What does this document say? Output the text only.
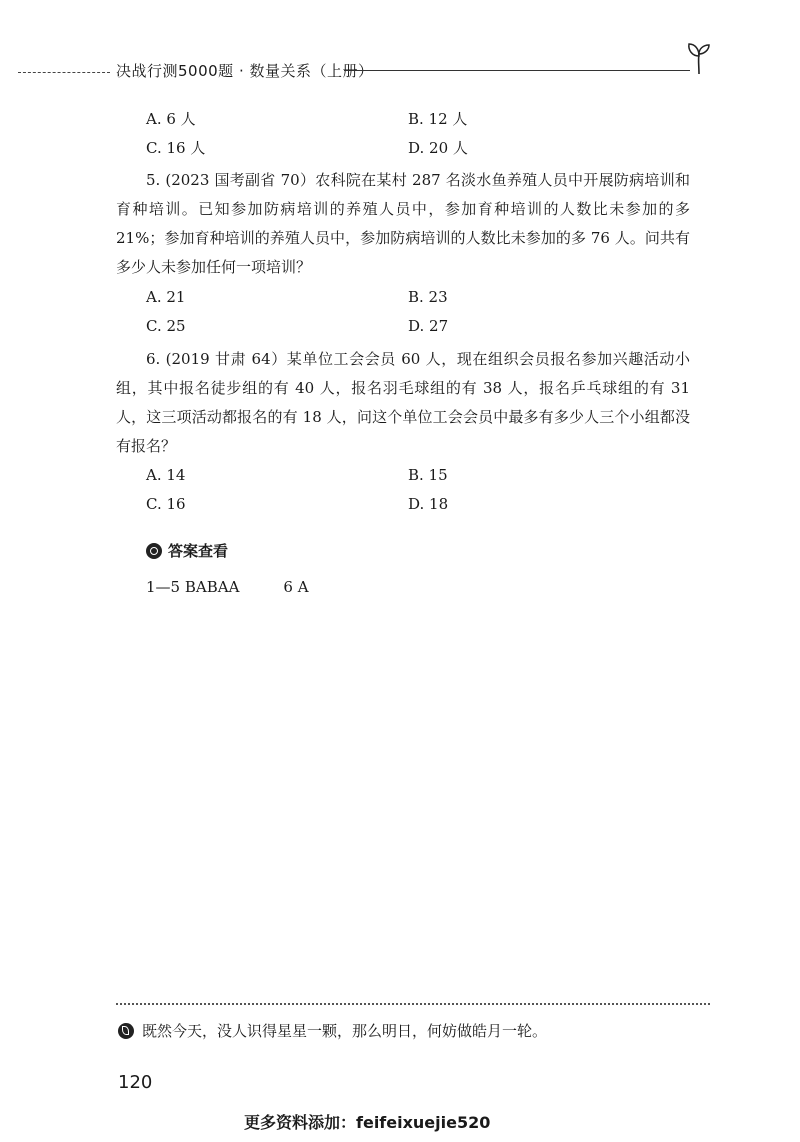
决战行测5000题 · 数量关系（上册）
A. 6 人	B. 12 人
C. 16 人	D. 20 人
5. (2023 国考副省 70）农科院在某村 287 名淡水鱼养殖人员中开展防病培训和育种培训。已知参加防病培训的养殖人员中，参加育种培训的人数比未参加的多 21%；参加育种培训的养殖人员中，参加防病培训的人数比未参加的多 76 人。问共有多少人未参加任何一项培训？
A. 21	B. 23
C. 25	D. 27
6. (2019 甘肃 64）某单位工会会员 60 人，现在组织会员报名参加兴趣活动小组，其中报名徒步组的有 40 人，报名羽毛球组的有 38 人，报名乒乓球组的有 31 人，这三项活动都报名的有 18 人，问这个单位工会会员中最多有多少人三个小组都没有报名？
A. 14	B. 15
C. 16	D. 18
答案查看
1—5 BABAA	6 A
既然今天，没人识得星星一颗，那么明日，何妨做皓月一轮。
120
更多资料添加：feifeixuejie520
